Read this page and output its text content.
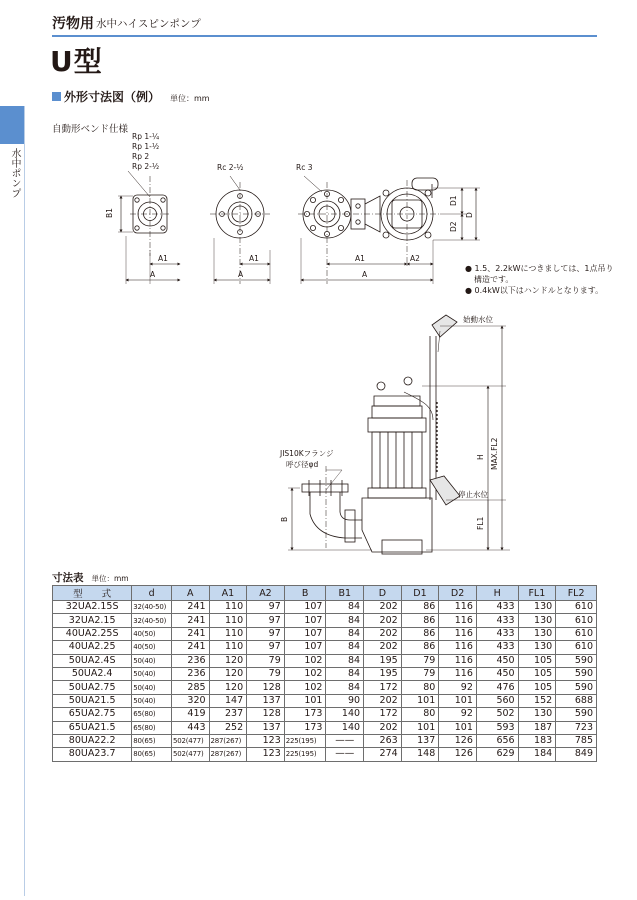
汚物用 水中ハイスピンポンプ
U型
水中ポンプ
外形寸法図（例） 単位：mm
自動形ベンド仕様
Rp 1-¼
Rp 1-½
Rp 2
Rp 2-½	Rc 2-½	Rc 3
B1
A1
A
A1
A
A1	A2
A
D1
D2
D
始動水位
停止水位
H MAX.FL2
FL1
B
JIS10Kフランジ
呼び径φd
● 1.5、2.2kWにつきましては、1点吊り構造です。
● 0.4kW以下はハンドルとなります。
寸法表 単位：mm
型　　式	d	A	A1	A2	B	B1	D	D1	D2	H	FL1	FL2
32UA2.15S	32(40-50)	241	110	97	107	84	202	86	116	433	130	610
32UA2.15	32(40-50)	241	110	97	107	84	202	86	116	433	130	610
40UA2.25S	40(50)	241	110	97	107	84	202	86	116	433	130	610
40UA2.25	40(50)	241	110	97	107	84	202	86	116	433	130	610
50UA2.4S	50(40)	236	120	79	102	84	195	79	116	450	105	590
50UA2.4	50(40)	236	120	79	102	84	195	79	116	450	105	590
50UA2.75	50(40)	285	120	128	102	84	172	80	92	476	105	590
50UA21.5	50(40)	320	147	137	101	90	202	101	101	560	152	688
65UA2.75	65(80)	419	237	128	173	140	172	80	92	502	130	590
65UA21.5	65(80)	443	252	137	173	140	202	101	101	593	187	723
80UA22.2	80(65)	502(477)	287(267)	123	225(195)	——	263	137	126	656	183	785
80UA23.7	80(65)	502(477)	287(267)	123	225(195)	——	274	148	126	629	184	849
